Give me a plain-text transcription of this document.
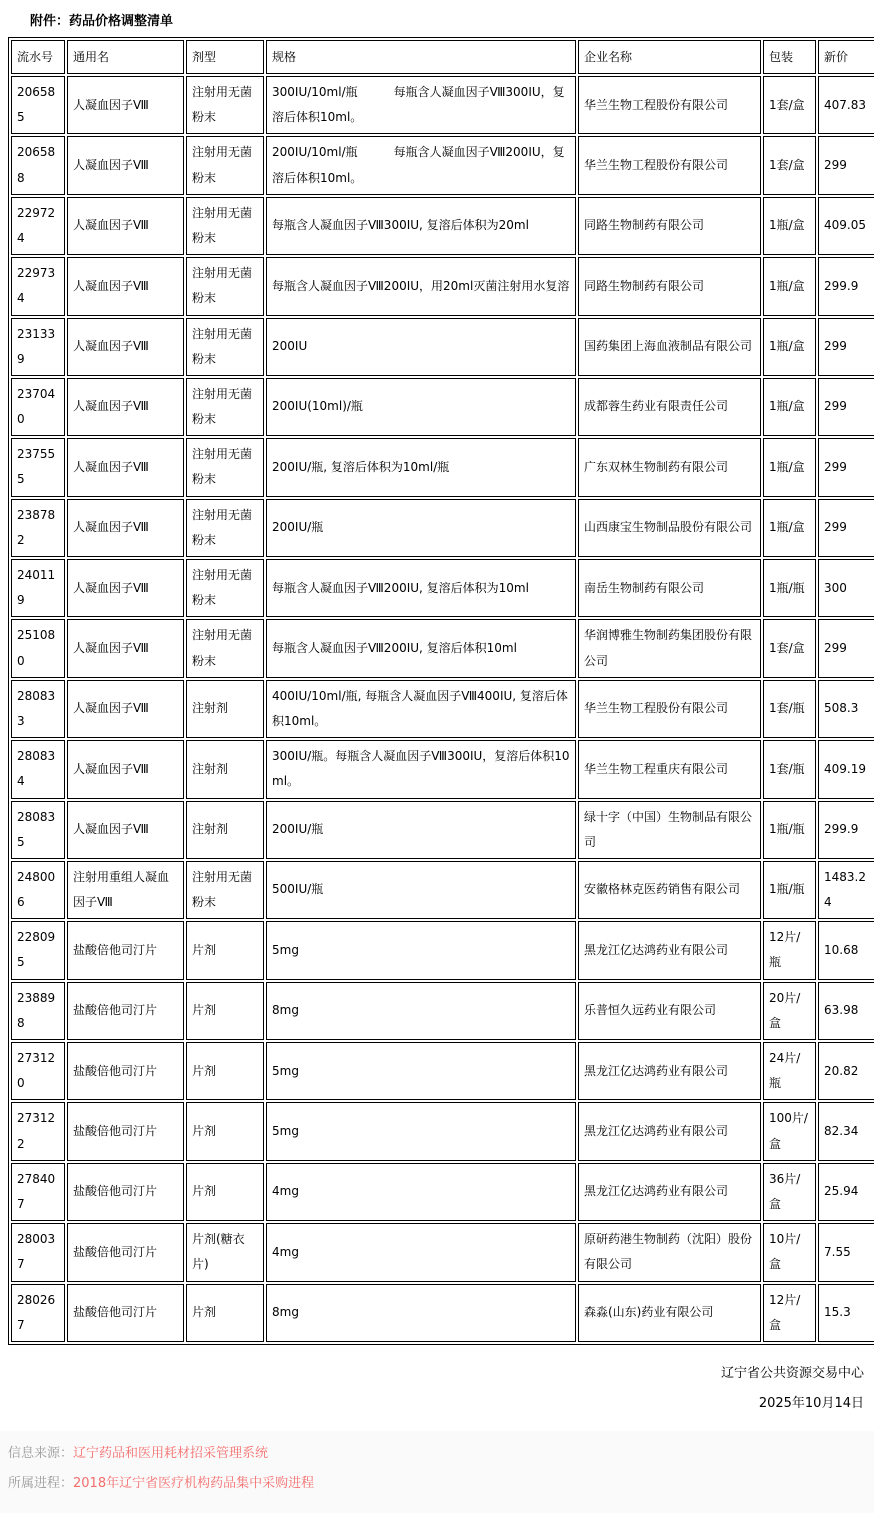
附件：药品价格调整清单
流水号	通用名	剂型	规格	企业名称	包装	新价
206585	人凝血因子Ⅷ	注射用无菌粉末	300IU/10ml/瓶　　　每瓶含人凝血因子Ⅷ300IU，复溶后体积10ml。	华兰生物工程股份有限公司	1套/盒	407.83
206588	人凝血因子Ⅷ	注射用无菌粉末	200IU/10ml/瓶　　　每瓶含人凝血因子Ⅷ200IU，复溶后体积10ml。	华兰生物工程股份有限公司	1套/盒	299
229724	人凝血因子Ⅷ	注射用无菌粉末	每瓶含人凝血因子Ⅷ300IU, 复溶后体积为20ml	同路生物制药有限公司	1瓶/盒	409.05
229734	人凝血因子Ⅷ	注射用无菌粉末	每瓶含人凝血因子Ⅷ200IU，用20ml灭菌注射用水复溶	同路生物制药有限公司	1瓶/盒	299.9
231339	人凝血因子Ⅷ	注射用无菌粉末	200IU	国药集团上海血液制品有限公司	1瓶/盒	299
237040	人凝血因子Ⅷ	注射用无菌粉末	200IU(10ml)/瓶	成都蓉生药业有限责任公司	1瓶/盒	299
237555	人凝血因子Ⅷ	注射用无菌粉末	200IU/瓶, 复溶后体积为10ml/瓶	广东双林生物制药有限公司	1瓶/盒	299
238782	人凝血因子Ⅷ	注射用无菌粉末	200IU/瓶	山西康宝生物制品股份有限公司	1瓶/盒	299
240119	人凝血因子Ⅷ	注射用无菌粉末	每瓶含人凝血因子Ⅷ200IU, 复溶后体积为10ml	南岳生物制药有限公司	1瓶/瓶	300
251080	人凝血因子Ⅷ	注射用无菌粉末	每瓶含人凝血因子Ⅷ200IU, 复溶后体积10ml	华润博雅生物制药集团股份有限公司	1套/盒	299
280833	人凝血因子Ⅷ	注射剂	400IU/10ml/瓶, 每瓶含人凝血因子Ⅷ400IU, 复溶后体积10ml。	华兰生物工程股份有限公司	1套/瓶	508.3
280834	人凝血因子Ⅷ	注射剂	300IU/瓶。每瓶含人凝血因子Ⅷ300IU，复溶后体积10ml。	华兰生物工程重庆有限公司	1套/瓶	409.19
280835	人凝血因子Ⅷ	注射剂	200IU/瓶	绿十字（中国）生物制品有限公司	1瓶/瓶	299.9
248006	注射用重组人凝血因子Ⅷ	注射用无菌粉末	500IU/瓶	安徽格林克医药销售有限公司	1瓶/瓶	1483.24
228095	盐酸倍他司汀片	片剂	5mg	黑龙江亿达鸿药业有限公司	12片/瓶	10.68
238898	盐酸倍他司汀片	片剂	8mg	乐普恒久远药业有限公司	20片/盒	63.98
273120	盐酸倍他司汀片	片剂	5mg	黑龙江亿达鸿药业有限公司	24片/瓶	20.82
273122	盐酸倍他司汀片	片剂	5mg	黑龙江亿达鸿药业有限公司	100片/盒	82.34
278407	盐酸倍他司汀片	片剂	4mg	黑龙江亿达鸿药业有限公司	36片/盒	25.94
280037	盐酸倍他司汀片	片剂(糖衣片)	4mg	原研药港生物制药（沈阳）股份有限公司	10片/盒	7.55
280267	盐酸倍他司汀片	片剂	8mg	森淼(山东)药业有限公司	12片/盒	15.3
辽宁省公共资源交易中心
2025年10月14日
信息来源：辽宁药品和医用耗材招采管理系统
所属进程：2018年辽宁省医疗机构药品集中采购进程
